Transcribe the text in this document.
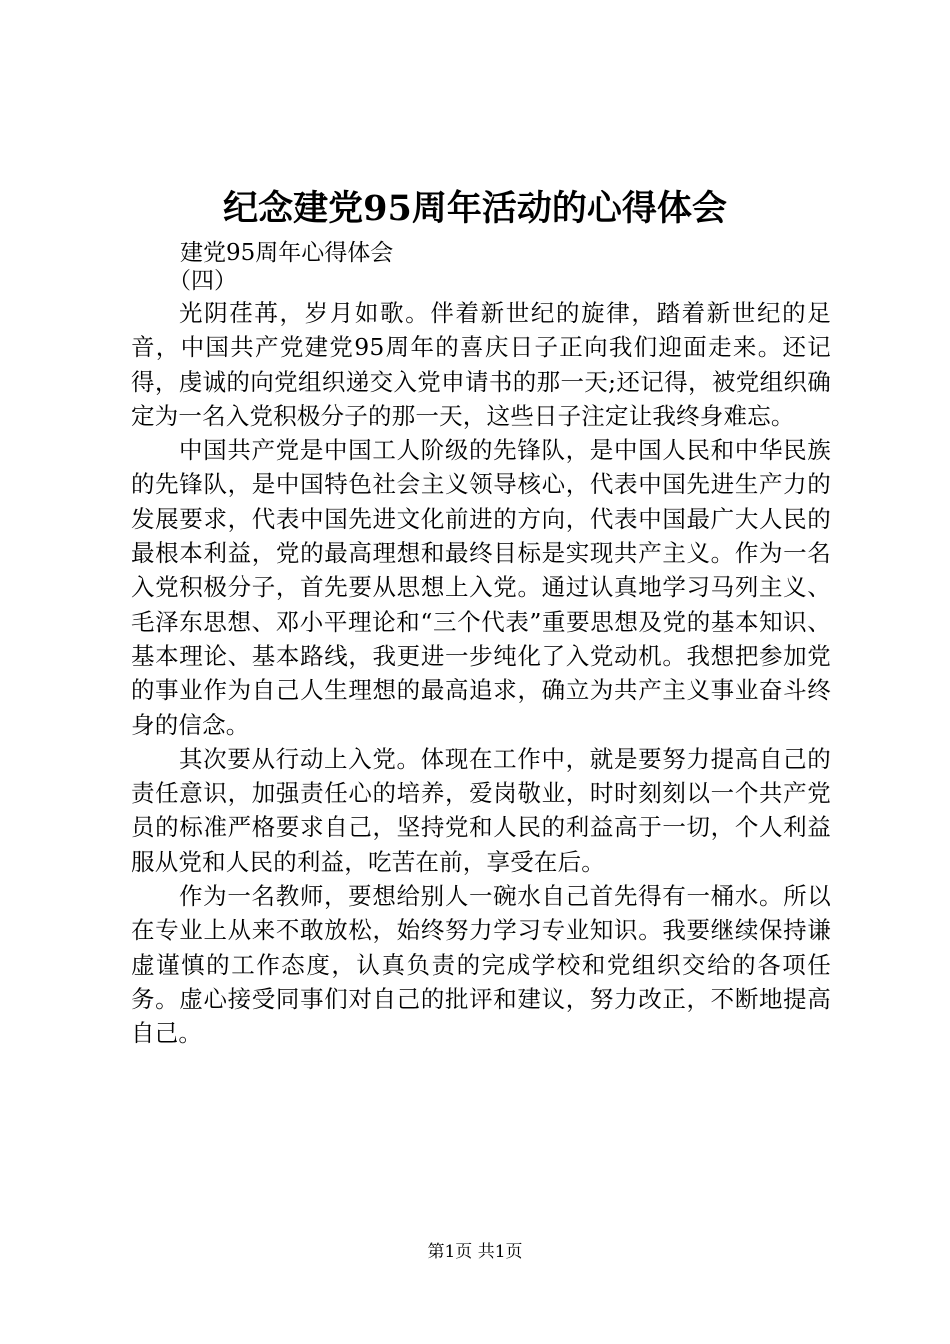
纪念建党95周年活动的心得体会

建党95周年心得体会

（四）

光阴荏苒，岁月如歌。伴着新世纪的旋律，踏着新世纪的足音，中国共产党建党95周年的喜庆日子正向我们迎面走来。还记得，虔诚的向党组织递交入党申请书的那一天;还记得，被党组织确定为一名入党积极分子的那一天，这些日子注定让我终身难忘。

中国共产党是中国工人阶级的先锋队，是中国人民和中华民族的先锋队，是中国特色社会主义领导核心，代表中国先进生产力的发展要求，代表中国先进文化前进的方向，代表中国最广大人民的最根本利益，党的最高理想和最终目标是实现共产主义。作为一名入党积极分子，首先要从思想上入党。通过认真地学习马列主义、毛泽东思想、邓小平理论和“三个代表”重要思想及党的基本知识、基本理论、基本路线，我更进一步纯化了入党动机。我想把参加党的事业作为自己人生理想的最高追求，确立为共产主义事业奋斗终身的信念。

其次要从行动上入党。体现在工作中，就是要努力提高自己的责任意识，加强责任心的培养，爱岗敬业，时时刻刻以一个共产党员的标准严格要求自己，坚持党和人民的利益高于一切，个人利益服从党和人民的利益，吃苦在前，享受在后。

作为一名教师，要想给别人一碗水自己首先得有一桶水。所以在专业上从来不敢放松，始终努力学习专业知识。我要继续保持谦虚谨慎的工作态度，认真负责的完成学校和党组织交给的各项任务。虚心接受同事们对自己的批评和建议，努力改正，不断地提高自己。

第1页 共1页
